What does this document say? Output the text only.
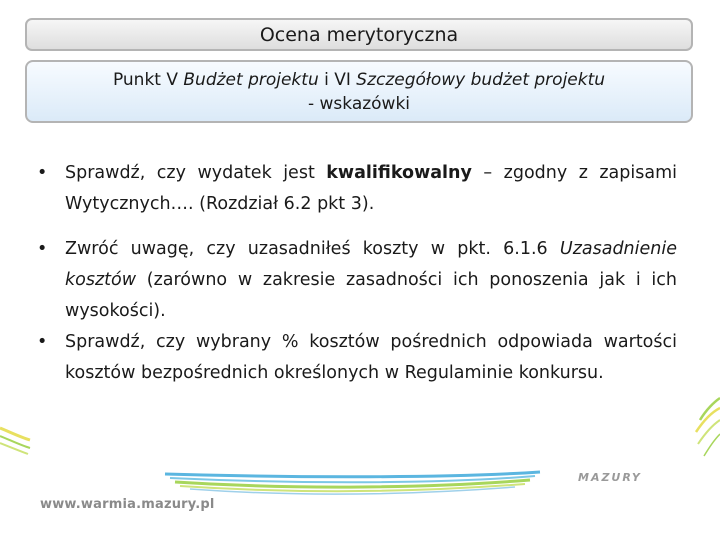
Ocena merytoryczna
Punkt V Budżet projektu i VI Szczegółowy budżet projektu
- wskazówki
• Sprawdź, czy wydatek jest kwalifikowalny – zgodny z zapisami Wytycznych…. (Rozdział 6.2 pkt 3).
• Zwróć uwagę, czy uzasadniłeś koszty w pkt. 6.1.6 Uzasadnienie kosztów (zarówno w zakresie zasadności ich ponoszenia jak i ich wysokości).
• Sprawdź, czy wybrany % kosztów pośrednich odpowiada wartości kosztów bezpośrednich określonych w Regulaminie konkursu.
MAZURY
www.warmia.mazury.pl
